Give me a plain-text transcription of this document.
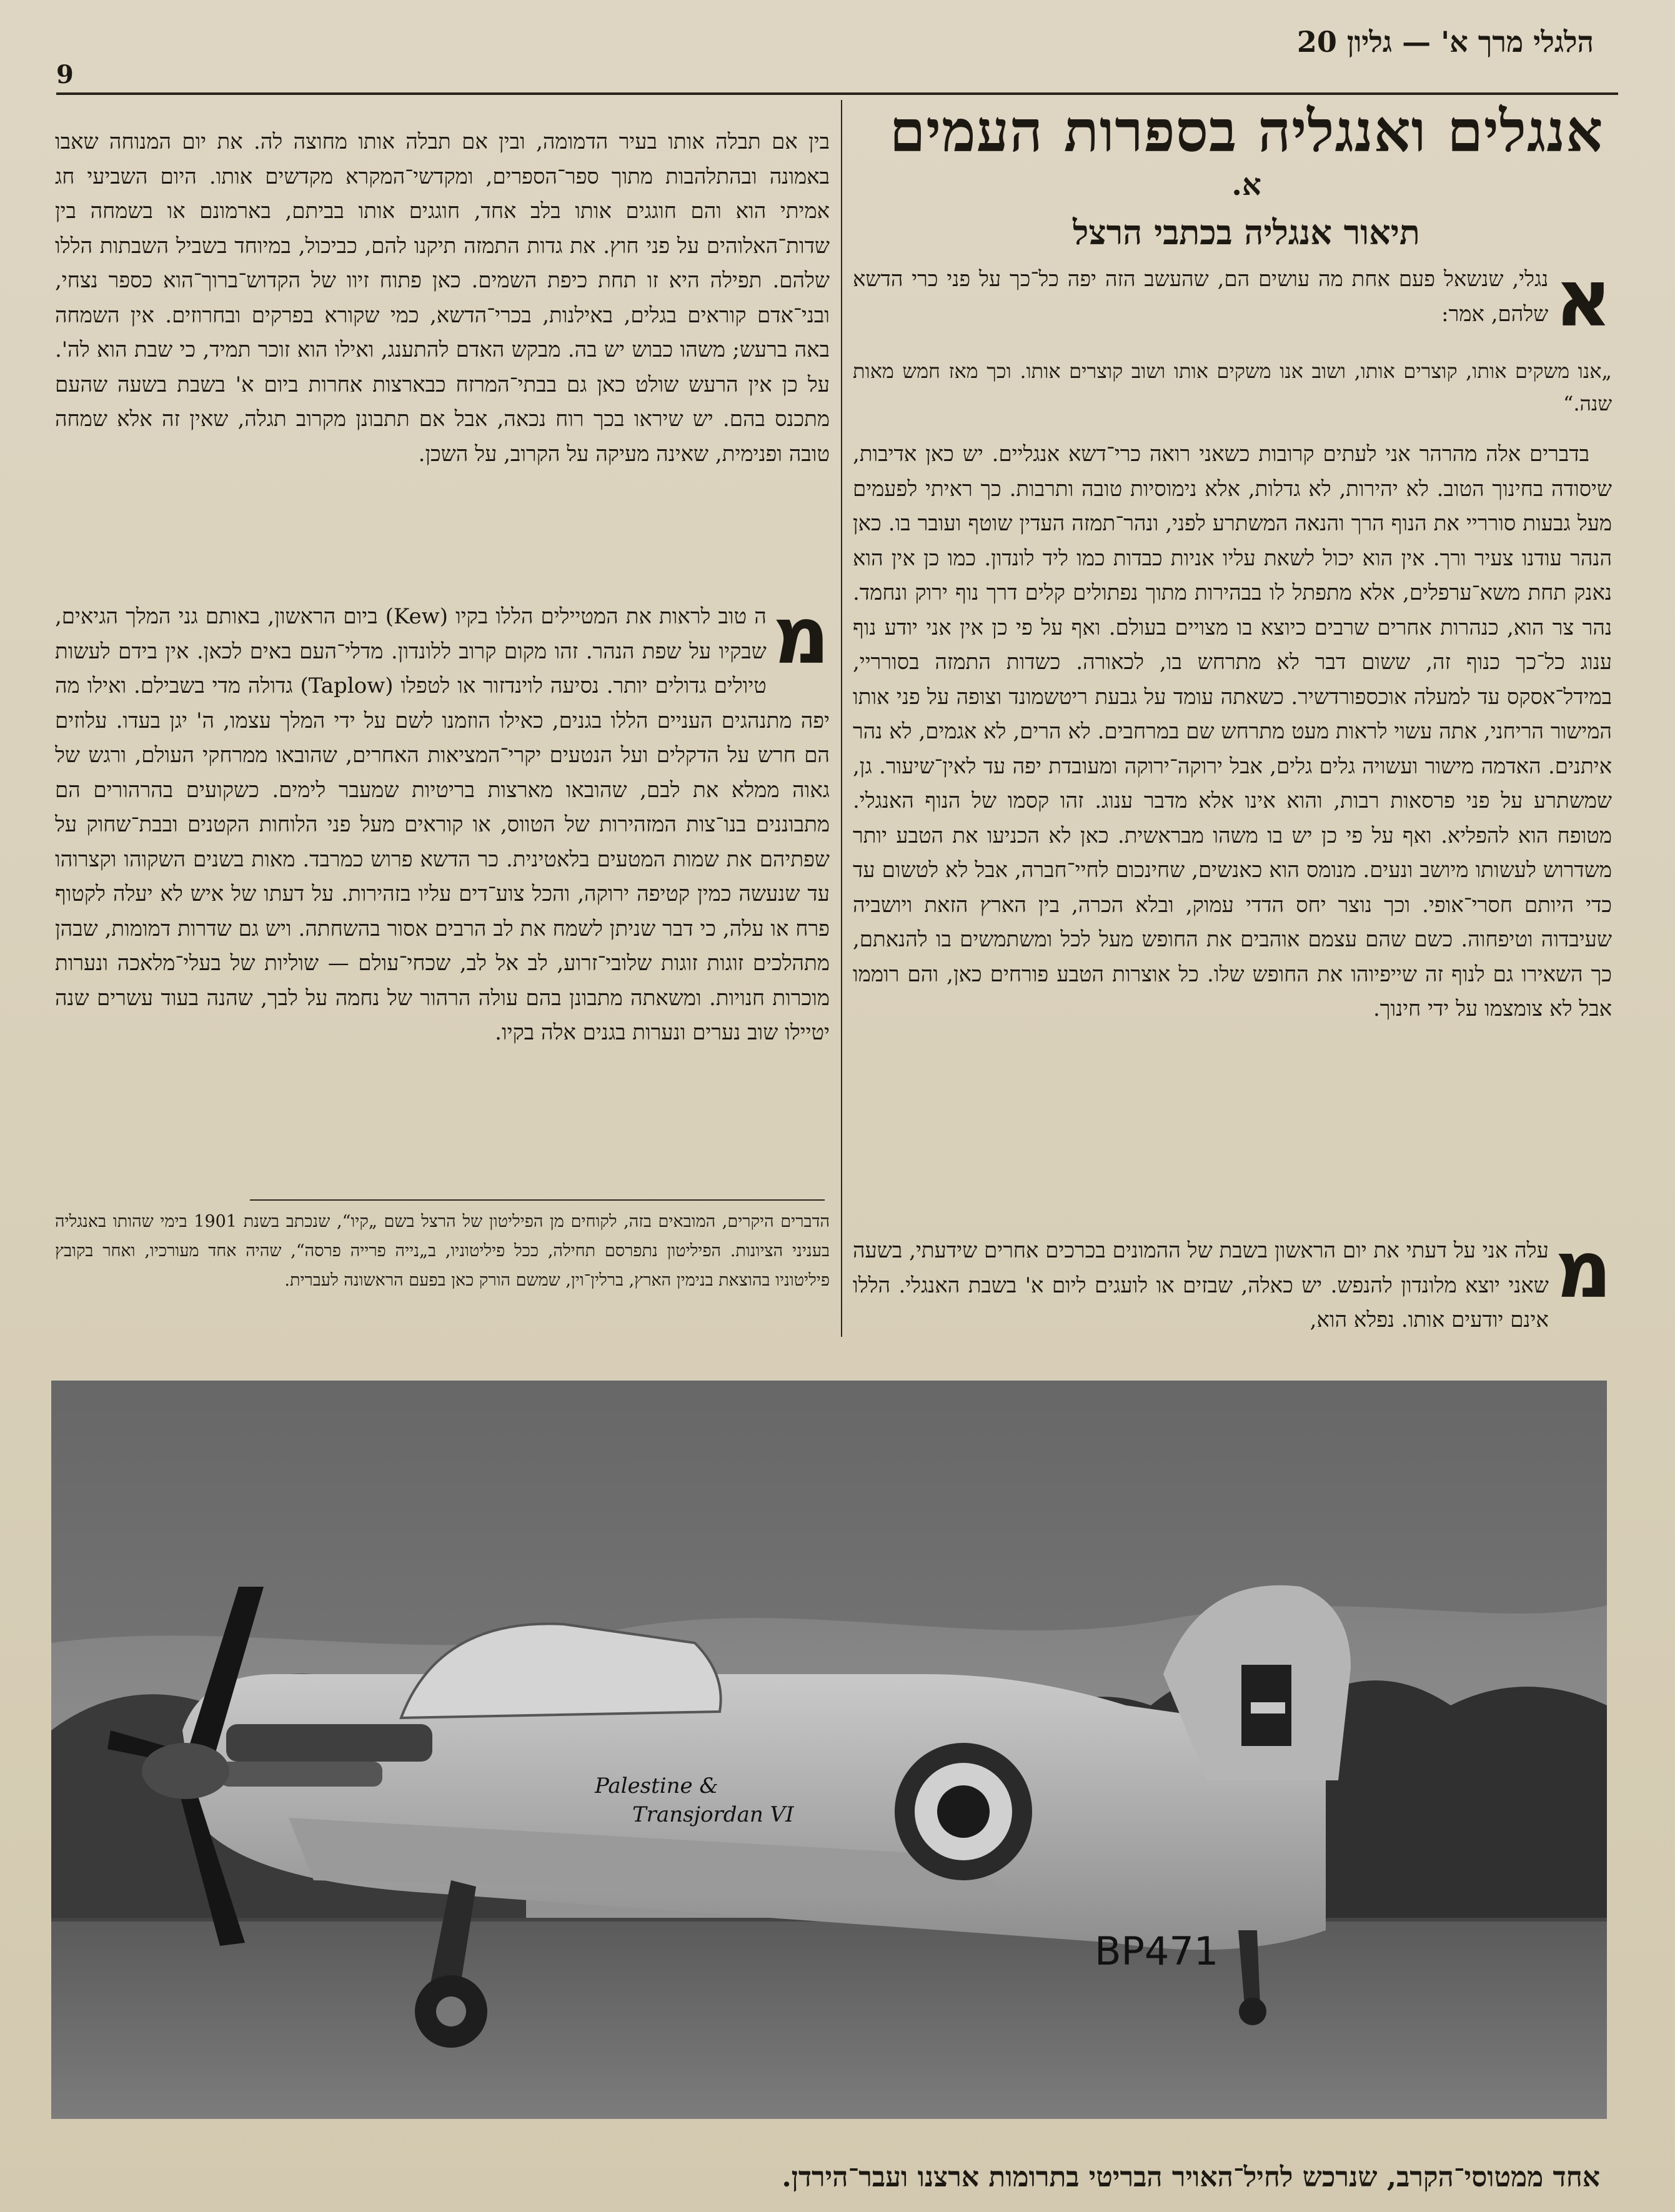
הלגלי מרך א' — גליון 20
9
אנגלים ואנגליה בספרות העמים
א.
תיאור אנגליה בכתבי הרצל
א
נגלי, שנשאל פעם אחת מה עושים הם, שהעשב הזה יפה כל־כך על פני כרי הדשא שלהם, אמר:
„אנו משקים אותו, קוצרים אותו, ושוב אנו משקים אותו ושוב קוצרים אותו. וכך מאז חמש מאות שנה.“

בדברים אלה מהרהר אני לעתים קרובות כשאני רואה כרי־דשא אנגליים. יש כאן אדיבות, שיסודה בחינוך הטוב. לא יהירות, לא גדלות, אלא נימוסיות טובה ותרבות. כך ראיתי לפעמים מעל גבעות סורריי את הנוף הרך והנאה המשתרע לפני, ונהר־תמזה העדין שוטף ועובר בו. כאן הנהר עודנו צעיר ורך. אין הוא יכול לשאת עליו אניות כבדות כמו ליד לונדון. כמו כן אין הוא נאנק תחת משא־ערפלים, אלא מתפתל לו בבהירות מתוך נפתולים קלים דרך נוף ירוק ונחמד. נהר צר הוא, כנהרות אחרים שרבים כיוצא בו מצויים בעולם. ואף על פי כן אין אני יודע נוף ענוג כל־כך כנוף זה, ששום דבר לא מתרחש בו, לכאורה. כשדות התמזה בסורריי, במידל־אסקס עד למעלה אוכספורדשיר. כשאתה עומד על גבעת ריטשמונד וצופה על פני אותו המישור הריחני, אתה עשוי לראות מעט מתרחש שם במרחבים. לא הרים, לא אגמים, לא נהר איתנים. האדמה מישור ועשויה גלים גלים, אבל ירוקה־ירוקה ומעובדת יפה עד לאין־שיעור. גן, שמשתרע על פני פרסאות רבות, והוא אינו אלא מדבר ענוג. זהו קסמו של הנוף האנגלי. מטופח הוא להפליא. ואף על פי כן יש בו משהו מבראשית. כאן לא הכניעו את הטבע יותר משדרוש לעשותו מיושב ונעים. מנומס הוא כאנשים, שחינכום לחיי־חברה, אבל לא לטשום עד כדי היותם חסרי־אופי. וכך נוצר יחס הדדי עמוק, ובלא הכרה, בין הארץ הזאת ויושביה שעיבדוה וטיפחוה. כשם שהם עצמם אוהבים את החופש מעל לכל ומשתמשים בו להנאתם, כך השאירו גם לנוף זה שייפיוהו את החופש שלו. כל אוצרות הטבע פורחים כאן, והם רוממו אבל לא צומצמו על ידי חינוך.

מ
עלה אני על דעתי את יום הראשון בשבת של ההמונים בכרכים אחרים שידעתי, בשעה שאני יוצא מלונדון להנפש. יש כאלה, שבזים או לועגים ליום א' בשבת האנגלי. הללו אינם יודעים אותו. נפלא הוא,

בין אם תבלה אותו בעיר הדמומה, ובין אם תבלה אותו מחוצה לה. את יום המנוחה שאבו באמונה ובהתלהבות מתוך ספר־הספרים, ומקדשי־המקרא מקדשים אותו. היום השביעי חג אמיתי הוא והם חוגגים אותו בלב אחד, חוגגים אותו בביתם, בארמונם או בשמחה בין שדות־האלוהים על פני חוץ. את גדות התמזה תיקנו להם, כביכול, במיוחד בשביל השבתות הללו שלהם. תפילה היא זו תחת כיפת השמים. כאן פתוח זיוו של הקדוש־ברוך־הוא כספר נצחי, ובני־אדם קוראים בגלים, באילנות, בכרי־הדשא, כמי שקורא בפרקים ובחרוזים. אין השמחה באה ברעש; משהו כבוש יש בה. מבקש האדם להתענג, ואילו הוא זוכר תמיד, כי שבת הוא לה'. על כן אין הרעש שולט כאן גם בבתי־המרזח כבארצות אחרות ביום א' בשבת בשעה שהעם מתכנס בהם. יש שיראו בכך רוח נכאה, אבל אם תתבונן מקרוב תגלה, שאין זה אלא שמחה טובה ופנימית, שאינה מעיקה על הקרוב, על השכן.

מ
ה טוב לראות את המטיילים הללו בקיו (Kew) ביום הראשון, באותם גני המלך הגיאים, שבקיו על שפת הנהר. זהו מקום קרוב ללונדון. מדלי־העם באים לכאן. אין בידם לעשות טיולים גדולים יותר. נסיעה לוינדזור או לטפלו (Taplow) גדולה מדי בשבילם. ואילו מה יפה מתנהגים העניים הללו בגנים, כאילו הוזמנו לשם על ידי המלך עצמו, ה' יגן בעדו. עלוזים הם חרש על הדקלים ועל הנטעים יקרי־המציאות האחרים, שהובאו ממרחקי העולם, ורגש של גאוה ממלא את לבם, שהובאו מארצות בריטיות שמעבר לימים. כשקועים בהרהורים הם מתבוננים בנו־צות המזהירות של הטווס, או קוראים מעל פני הלוחות הקטנים ובבת־שחוק על שפתיהם את שמות המטעים בלאטינית. כר הדשא פרוש כמרבד. מאות בשנים השקוהו וקצרוהו עד שנעשה כמין קטיפה ירוקה, והכל צוע־דים עליו בזהירות. על דעתו של איש לא יעלה לקטוף פרח או עלה, כי דבר שניתן לשמח את לב הרבים אסור בהשחתה. ויש גם שדרות דמומות, שבהן מתהלכים זוגות זוגות שלובי־זרוע, לב אל לב, שכחי־עולם — שוליות של בעלי־מלאכה ונערות מוכרות חנויות. ומשאתה מתבונן בהם עולה הרהור של נחמה על לבך, שהנה בעוד עשרים שנה יטיילו שוב נערים ונערות בגנים אלה בקיו.
הדברים היקרים, המובאים בזה, לקוחים מן הפיליטון של הרצל בשם „קיו“, שנכתב בשנת 1901 בימי שהותו באנגליה בעניני הציונות. הפיליטון נתפרסם תחילה, ככל פיליטוניו, ב„נייה פרייה פרסה“, שהיה אחד מעורכיו, ואחר בקובץ פיליטוניו בהוצאת בנימין הארץ, ברלין־וין, שמשם הורק כאן בפעם הראשונה לעברית.
Palestine &
Transjordan VI
BP471
אחד ממטוסי־הקרב, שנרכש לחיל־האויר הבריטי בתרומות ארצנו ועבר־הירדן.
